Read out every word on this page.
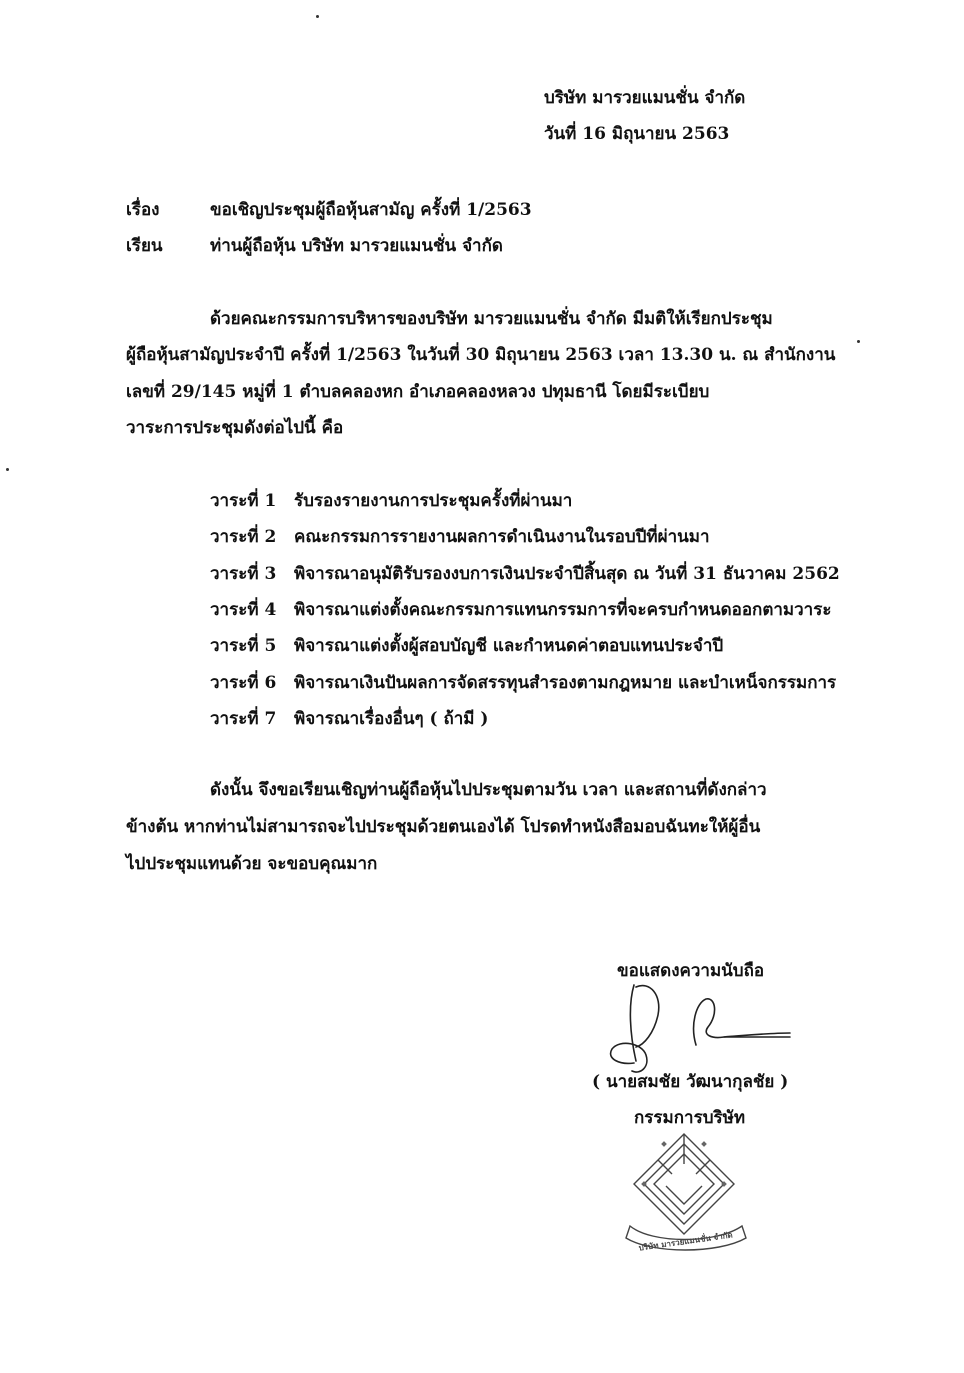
บริษัท มารวยแมนชั่น จำกัด
วันที่ 16 มิถุนายน 2563
เรื่อง	ขอเชิญประชุมผู้ถือหุ้นสามัญ ครั้งที่ 1/2563
เรียน	ท่านผู้ถือหุ้น บริษัท มารวยแมนชั่น จำกัด

ด้วยคณะกรรมการบริหารของบริษัท มารวยแมนชั่น จำกัด มีมติให้เรียกประชุม

ผู้ถือหุ้นสามัญประจำปี ครั้งที่ 1/2563 ในวันที่ 30 มิถุนายน 2563 เวลา 13.30 น. ณ สำนักงาน

เลขที่ 29/145 หมู่ที่ 1 ตำบลคลองหก อำเภอคลองหลวง ปทุมธานี โดยมีระเบียบ

วาระการประชุมดังต่อไปนี้ คือ

วาระที่ 1 รับรองรายงานการประชุมครั้งที่ผ่านมา
วาระที่ 2 คณะกรรมการรายงานผลการดำเนินงานในรอบปีที่ผ่านมา
วาระที่ 3 พิจารณาอนุมัติรับรองงบการเงินประจำปีสิ้นสุด ณ วันที่ 31 ธันวาคม 2562
วาระที่ 4 พิจารณาแต่งตั้งคณะกรรมการแทนกรรมการที่จะครบกำหนดออกตามวาระ
วาระที่ 5 พิจารณาแต่งตั้งผู้สอบบัญชี และกำหนดค่าตอบแทนประจำปี
วาระที่ 6 พิจารณาเงินปันผลการจัดสรรทุนสำรองตามกฎหมาย และบำเหน็จกรรมการ
วาระที่ 7 พิจารณาเรื่องอื่นๆ ( ถ้ามี )

ดังนั้น จึงขอเรียนเชิญท่านผู้ถือหุ้นไปประชุมตามวัน เวลา และสถานที่ดังกล่าว

ข้างต้น หากท่านไม่สามารถจะไปประชุมด้วยตนเองได้ โปรดทำหนังสือมอบฉันทะให้ผู้อื่น

ไปประชุมแทนด้วย จะขอบคุณมาก

ขอแสดงความนับถือ
( นายสมชัย วัฒนากุลชัย )
กรรมการบริษัท
บริษัท มารวยแมนชั่น จำกัด
